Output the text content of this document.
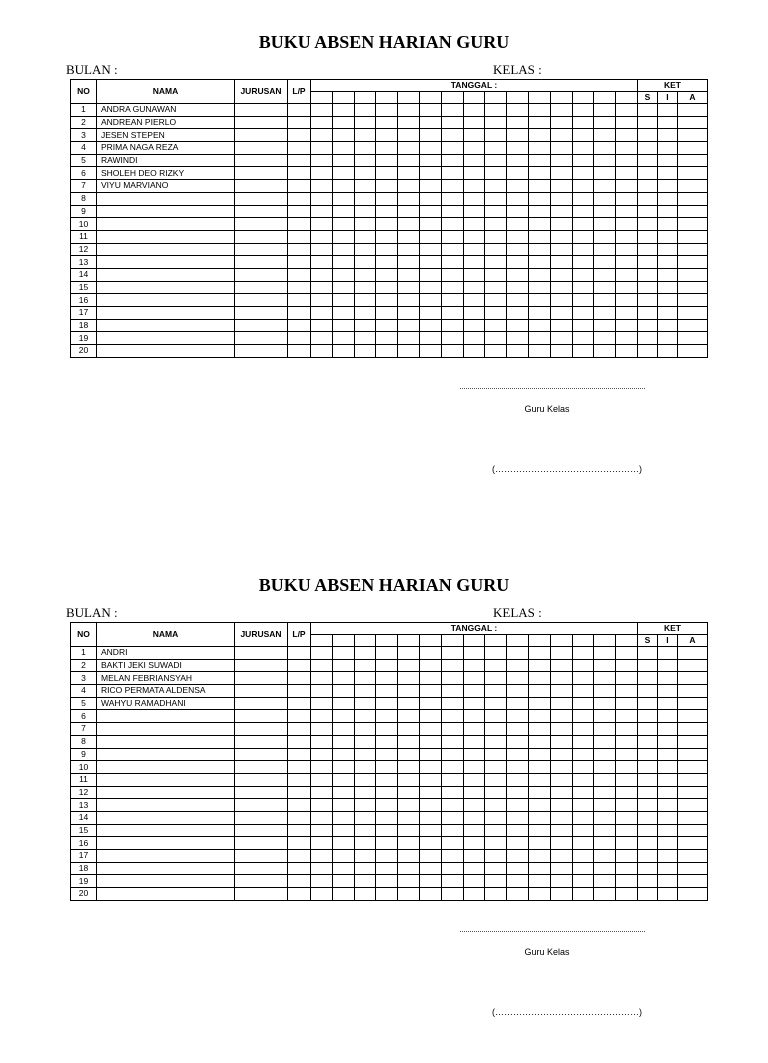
BUKU ABSEN HARIAN GURU
BULAN :	KELAS :
NO	NAMA	JURUSAN	L/P	TANGGAL :															KET		
																			S	I	A
1	ANDRA GUNAWAN																				
2	ANDREAN PIERLO																				
3	JESEN STEPEN																				
4	PRIMA NAGA REZA																				
5	RAWINDI																				
6	SHOLEH DEO RIZKY																				
7	VIYU MARVIANO																				
8																					
9																					
10																					
11																					
12																					
13																					
14																					
15																					
16																					
17																					
18																					
19																					
20																					
Guru Kelas
(…………………………………………)
BUKU ABSEN HARIAN GURU
BULAN :	KELAS :
NO	NAMA	JURUSAN	L/P	TANGGAL :															KET		
																			S	I	A
1	ANDRI																				
2	BAKTI JEKI SUWADI																				
3	MELAN FEBRIANSYAH																				
4	RICO PERMATA ALDENSA																				
5	WAHYU RAMADHANI																				
6																					
7																					
8																					
9																					
10																					
11																					
12																					
13																					
14																					
15																					
16																					
17																					
18																					
19																					
20																					
Guru Kelas
(…………………………………………)
